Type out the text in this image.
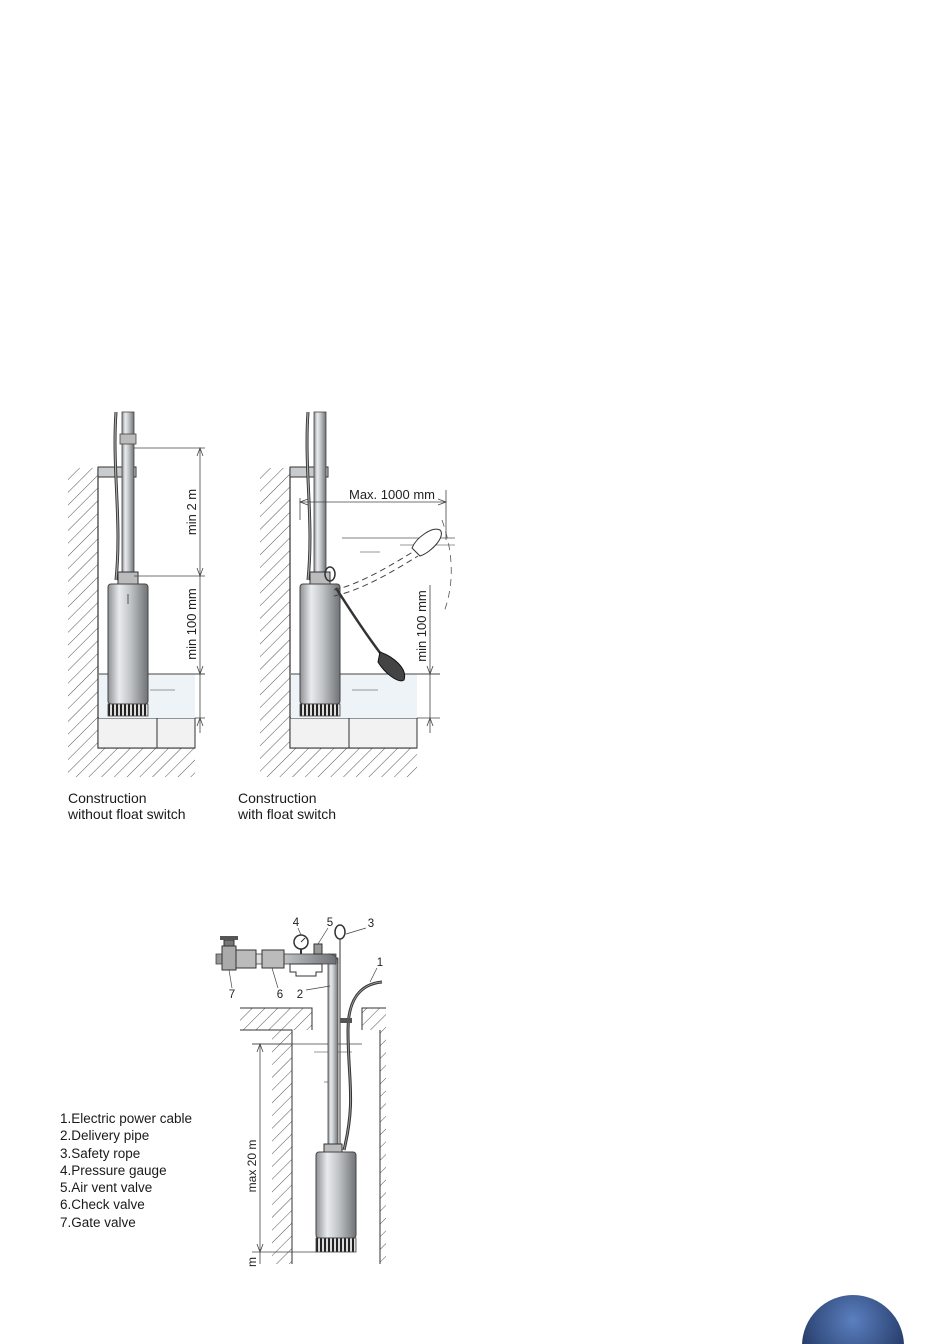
min 2 m
min 100 mm
Max. 1000 mm
min 100 mm
1
2
3
4 5
6
7
max 20 m
m
Construction
without float switch
Construction
with float switch
1.Electric power cable
2.Delivery pipe
3.Safety rope
4.Pressure gauge
5.Air vent valve
6.Check valve
7.Gate valve
